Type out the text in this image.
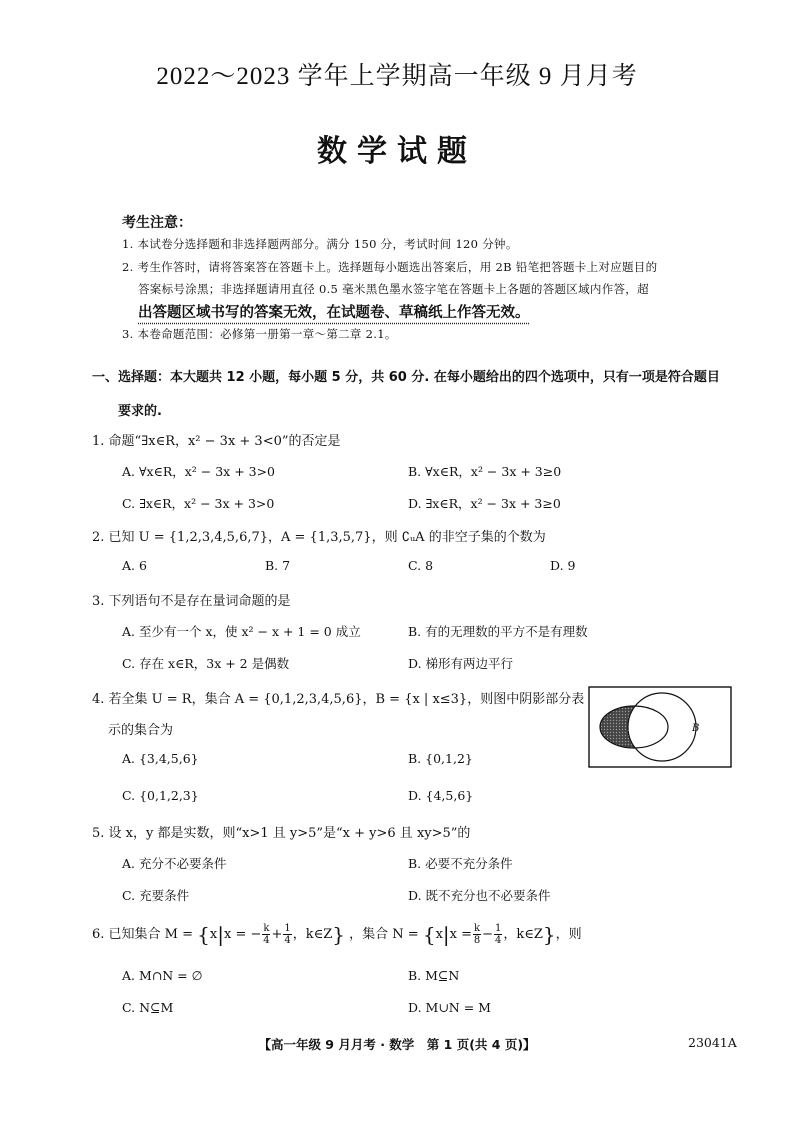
2022～2023 学年上学期高一年级 9 月月考
数学试题
考生注意：
1. 本试卷分选择题和非选择题两部分。满分 150 分，考试时间 120 分钟。
2. 考生作答时，请将答案答在答题卡上。选择题每小题选出答案后，用 2B 铅笔把答题卡上对应题目的
答案标号涂黑；非选择题请用直径 0.5 毫米黑色墨水签字笔在答题卡上各题的答题区域内作答，超
出答题区域书写的答案无效，在试题卷、草稿纸上作答无效。
3. 本卷命题范围：必修第一册第一章～第二章 2.1。
一、选择题：本大题共 12 小题，每小题 5 分，共 60 分. 在每小题给出的四个选项中，只有一项是符合题目
要求的.
1. 命题“∃x∈R，x² − 3x + 3<0”的否定是
A. ∀x∈R，x² − 3x + 3>0	B. ∀x∈R，x² − 3x + 3≥0
C. ∃x∈R，x² − 3x + 3>0	D. ∃x∈R，x² − 3x + 3≥0
2. 已知 U = {1,2,3,4,5,6,7}，A = {1,3,5,7}，则 ∁ᵤA 的非空子集的个数为
A. 6	B. 7	C. 8	D. 9
3. 下列语句不是存在量词命题的是
A. 至少有一个 x，使 x² − x + 1 = 0 成立	B. 有的无理数的平方不是有理数
C. 存在 x∈R，3x + 2 是偶数	D. 梯形有两边平行
4. 若全集 U = R，集合 A = {0,1,2,3,4,5,6}，B = {x | x≤3}，则图中阴影部分表
示的集合为
A. {3,4,5,6}	B. {0,1,2}
C. {0,1,2,3}	D. {4,5,6}
A	B
5. 设 x，y 都是实数，则“x>1 且 y>5”是“x + y>6 且 xy>5”的
A. 充分不必要条件	B. 必要不充分条件
C. 充要条件	D. 既不充分也不必要条件
6. 已知集合 M = {x|x = − $\frac{k}{4} + \frac{1}{4}$ ，k∈Z} ，集合 $N = \{x|x = \frac{k}{8} - \frac{1}{4}$ ，k∈Z}，则
A. M∩N = ∅	B. M⊆N
C. N⊆M	D. M∪N = M
【高一年级 9 月月考 · 数学　第 1 页(共 4 页)】	23041A
